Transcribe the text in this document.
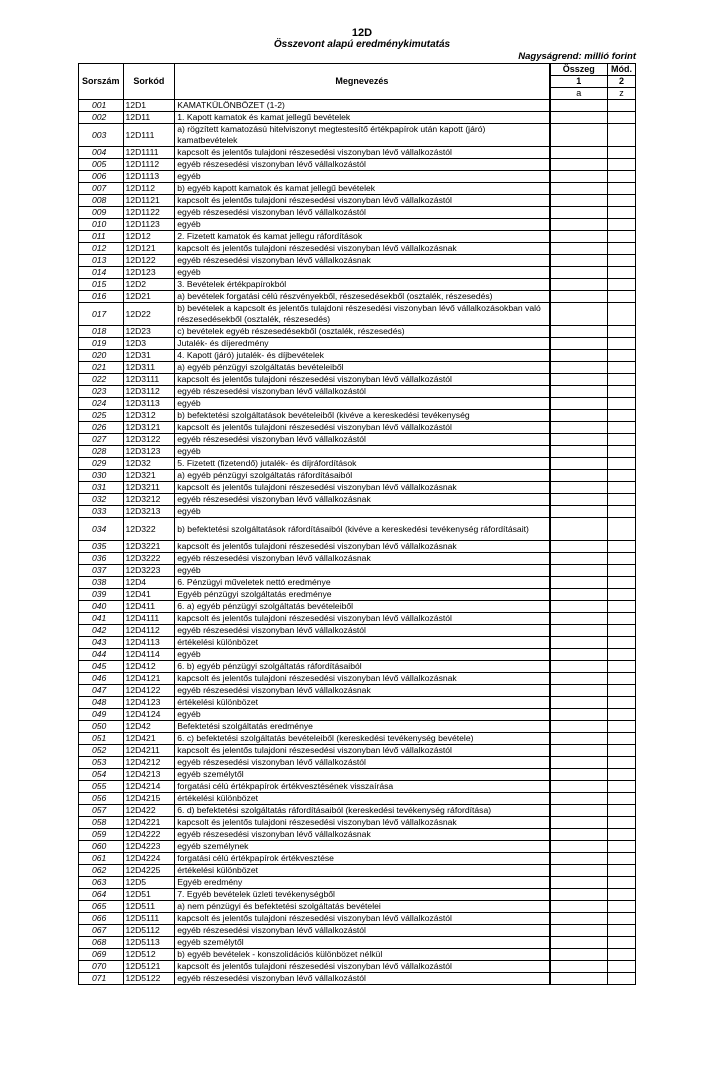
12D
Összevont alapú eredménykimutatás
Nagyságrend: millió forint
Sorszám	Sorkód	Megnevezés	Összeg	Mód.
			1	2
			a	z
001	12D1	KAMATKÜLÖNBÖZET (1-2)		
002	12D11	1. Kapott kamatok és kamat jellegű bevételek		
003	12D111	a) rögzített kamatozású hitelviszonyt megtestesítő értékpapírok után kapott (járó) kamatbevételek		
004	12D1111	kapcsolt és jelentős tulajdoni részesedési viszonyban lévő vállalkozástól		
005	12D1112	egyéb részesedési viszonyban lévő vállalkozástól		
006	12D1113	egyéb		
007	12D112	b) egyéb kapott kamatok és kamat jellegű bevételek		
008	12D1121	kapcsolt és jelentős tulajdoni részesedési viszonyban lévő vállalkozástól		
009	12D1122	egyéb részesedési viszonyban lévő vállalkozástól		
010	12D1123	egyéb		
011	12D12	2. Fizetett kamatok és kamat jellegu ráfordítások		
012	12D121	kapcsolt és jelentős tulajdoni részesedési viszonyban lévő vállalkozásnak		
013	12D122	egyéb részesedési viszonyban lévő vállalkozásnak		
014	12D123	egyéb		
015	12D2	3. Bevételek értékpapírokból		
016	12D21	a) bevételek forgatási célú részvényekből, részesedésekből (osztalék, részesedés)		
017	12D22	b) bevételek a kapcsolt és jelentős tulajdoni részesedési viszonyban lévő vállalkozásokban való részesedésekből (osztalék, részesedés)		
018	12D23	c) bevételek egyéb részesedésekből (osztalék, részesedés)		
019	12D3	Jutalék- és díjeredmény		
020	12D31	4. Kapott (járó) jutalék- és díjbevételek		
021	12D311	a) egyéb pénzügyi szolgáltatás bevételeiből		
022	12D3111	kapcsolt és jelentős tulajdoni részesedési viszonyban lévő vállalkozástól		
023	12D3112	egyéb részesedési viszonyban lévő vállalkozástól		
024	12D3113	egyéb		
025	12D312	b) befektetési szolgáltatások bevételeiből (kivéve a kereskedési tevékenység		
026	12D3121	kapcsolt és jelentős tulajdoni részesedési viszonyban lévő vállalkozástól		
027	12D3122	egyéb részesedési viszonyban lévő vállalkozástól		
028	12D3123	egyéb		
029	12D32	5. Fizetett (fizetendő) jutalék- és díjráfordítások		
030	12D321	a) egyéb pénzügyi szolgáltatás ráfordításaiból		
031	12D3211	kapcsolt és jelentős tulajdoni részesedési viszonyban lévő vállalkozásnak		
032	12D3212	egyéb részesedési viszonyban lévő vállalkozásnak		
033	12D3213	egyéb		
034	12D322	b) befektetési szolgáltatások ráfordításaiból (kivéve a kereskedési tevékenység ráfordításait)		
035	12D3221	kapcsolt és jelentős tulajdoni részesedési viszonyban lévő vállalkozásnak		
036	12D3222	egyéb részesedési viszonyban lévő vállalkozásnak		
037	12D3223	egyéb		
038	12D4	6. Pénzügyi műveletek nettó eredménye		
039	12D41	Egyéb pénzügyi szolgáltatás eredménye		
040	12D411	6. a) egyéb pénzügyi szolgáltatás bevételeiből		
041	12D4111	kapcsolt és jelentős tulajdoni részesedési viszonyban lévő vállalkozástól		
042	12D4112	egyéb részesedési viszonyban lévő vállalkozástól		
043	12D4113	értékelési különbözet		
044	12D4114	egyéb		
045	12D412	6. b) egyéb pénzügyi szolgáltatás ráfordításaiból		
046	12D4121	kapcsolt és jelentős tulajdoni részesedési viszonyban lévő vállalkozásnak		
047	12D4122	egyéb részesedési viszonyban lévő vállalkozásnak		
048	12D4123	értékelési különbözet		
049	12D4124	egyéb		
050	12D42	Befektetési szolgáltatás eredménye		
051	12D421	6. c) befektetési szolgáltatás bevételeiből (kereskedési tevékenység bevétele)		
052	12D4211	kapcsolt és jelentős tulajdoni részesedési viszonyban lévő vállalkozástól		
053	12D4212	egyéb részesedési viszonyban lévő vállalkozástól		
054	12D4213	egyéb személytől		
055	12D4214	forgatási célú értékpapírok értékvesztésének visszaírása		
056	12D4215	értékelési különbözet		
057	12D422	6. d) befektetési szolgáltatás ráfordításaiból (kereskedési tevékenység ráfordítása)		
058	12D4221	kapcsolt és jelentős tulajdoni részesedési viszonyban lévő vállalkozásnak		
059	12D4222	egyéb részesedési viszonyban lévő vállalkozásnak		
060	12D4223	egyéb személynek		
061	12D4224	forgatási célú értékpapírok értékvesztése		
062	12D4225	értékelési különbözet		
063	12D5	Egyéb eredmény		
064	12D51	7. Egyéb bevételek üzleti tevékenységből		
065	12D511	a) nem pénzügyi és befektetési szolgáltatás bevételei		
066	12D5111	kapcsolt és jelentős tulajdoni részesedési viszonyban lévő vállalkozástól		
067	12D5112	egyéb részesedési viszonyban lévő vállalkozástól		
068	12D5113	egyéb személytől		
069	12D512	b) egyéb bevételek - konszolidációs különbözet nélkül		
070	12D5121	kapcsolt és jelentős tulajdoni részesedési viszonyban lévő vállalkozástól		
071	12D5122	egyéb részesedési viszonyban lévő vállalkozástól		
